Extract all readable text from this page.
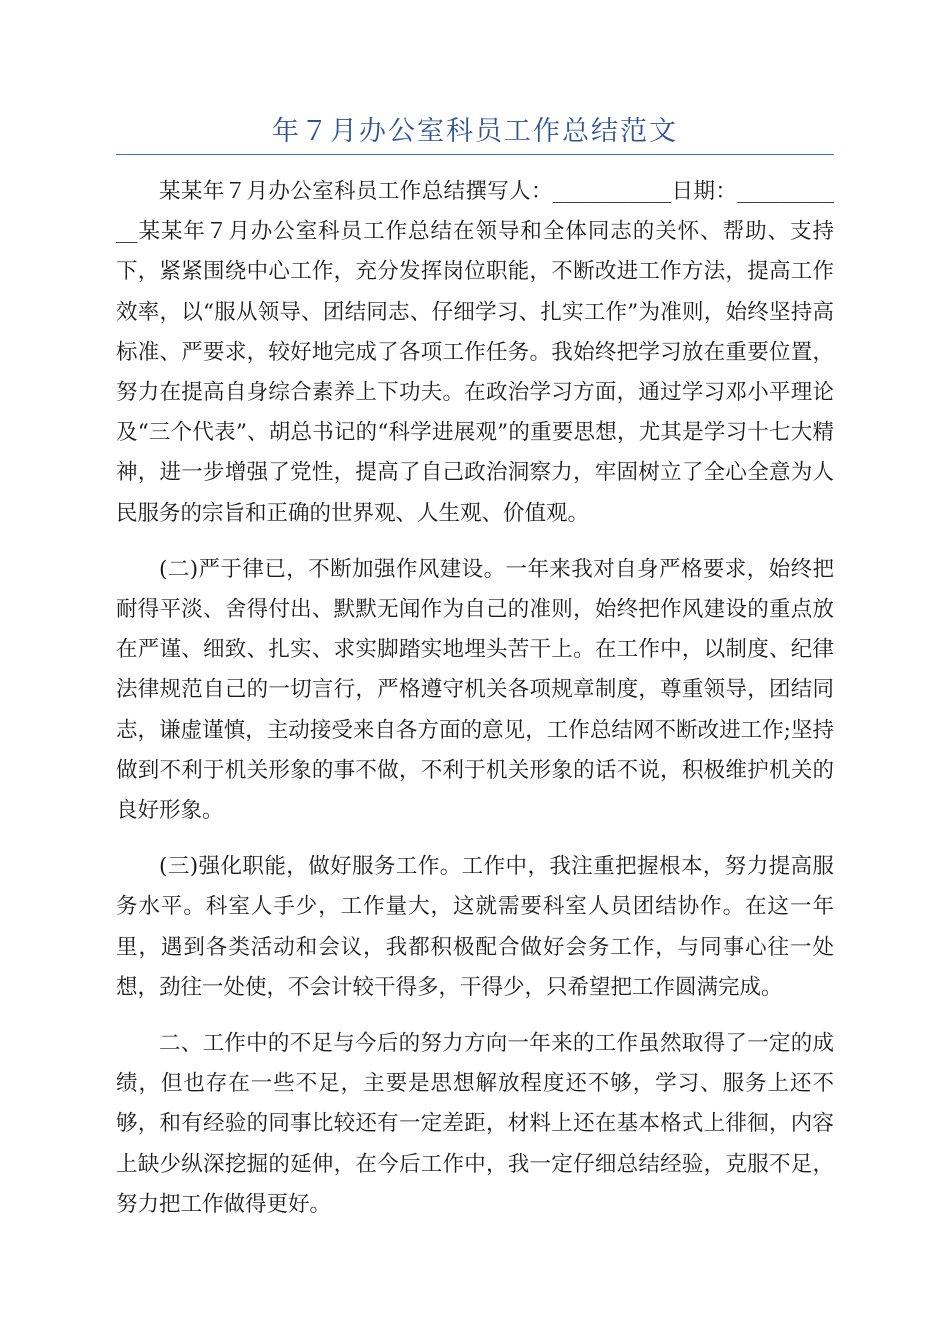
年７月办公室科员工作总结范文

某某年７月办公室科员工作总结撰写人：___________日期：___________某某年７月办公室科员工作总结在领导和全体同志的关怀、帮助、支持下，紧紧围绕中心工作，充分发挥岗位职能，不断改进工作方法，提高工作效率，以“服从领导、团结同志、仔细学习、扎实工作”为准则，始终坚持高标准、严要求，较好地完成了各项工作任务。我始终把学习放在重要位置，努力在提高自身综合素养上下功夫。在政治学习方面，通过学习邓小平理论及“三个代表”、胡总书记的“科学进展观”的重要思想，尤其是学习十七大精神，进一步增强了党性，提高了自己政治洞察力，牢固树立了全心全意为人民服务的宗旨和正确的世界观、人生观、价值观。

(二)严于律已，不断加强作风建设。一年来我对自身严格要求，始终把耐得平淡、舍得付出、默默无闻作为自己的准则，始终把作风建设的重点放在严谨、细致、扎实、求实脚踏实地埋头苦干上。在工作中，以制度、纪律法律规范自己的一切言行，严格遵守机关各项规章制度，尊重领导，团结同志，谦虚谨慎，主动接受来自各方面的意见，工作总结网不断改进工作;坚持做到不利于机关形象的事不做，不利于机关形象的话不说，积极维护机关的良好形象。

(三)强化职能，做好服务工作。工作中，我注重把握根本，努力提高服务水平。科室人手少，工作量大，这就需要科室人员团结协作。在这一年里，遇到各类活动和会议，我都积极配合做好会务工作，与同事心往一处想，劲往一处使，不会计较干得多，干得少，只希望把工作圆满完成。

二、工作中的不足与今后的努力方向一年来的工作虽然取得了一定的成绩，但也存在一些不足，主要是思想解放程度还不够，学习、服务上还不够，和有经验的同事比较还有一定差距，材料上还在基本格式上徘徊，内容上缺少纵深挖掘的延伸，在今后工作中，我一定仔细总结经验，克服不足，努力把工作做得更好。
